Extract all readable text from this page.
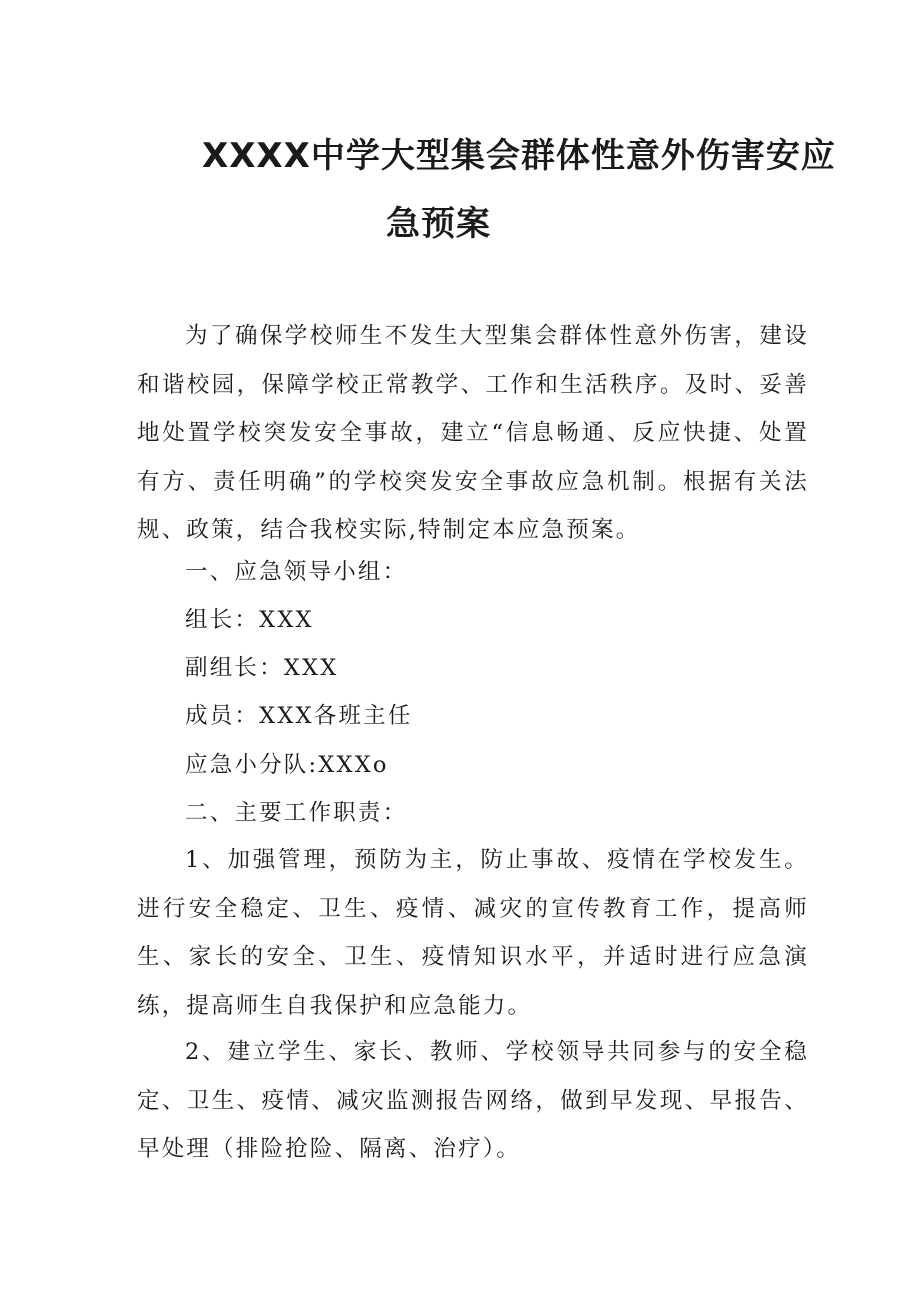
XXXX中学大型集会群体性意外伤害安应
急预案
为了确保学校师生不发生大型集会群体性意外伤害，建设和谐校园，保障学校正常教学、工作和生活秩序。及时、妥善地处置学校突发安全事故，建立“信息畅通、反应快捷、处置有方、责任明确”的学校突发安全事故应急机制。根据有关法规、政策，结合我校实际,特制定本应急预案。
一、应急领导小组：
组长：XXX
副组长：XXX
成员：XXX各班主任
应急小分队:XXXo
二、主要工作职责：
1、加强管理，预防为主，防止事故、疫情在学校发生。进行安全稳定、卫生、疫情、减灾的宣传教育工作，提高师生、家长的安全、卫生、疫情知识水平，并适时进行应急演练，提高师生自我保护和应急能力。
2、建立学生、家长、教师、学校领导共同参与的安全稳定、卫生、疫情、减灾监测报告网络，做到早发现、早报告、早处理（排险抢险、隔离、治疗）。
